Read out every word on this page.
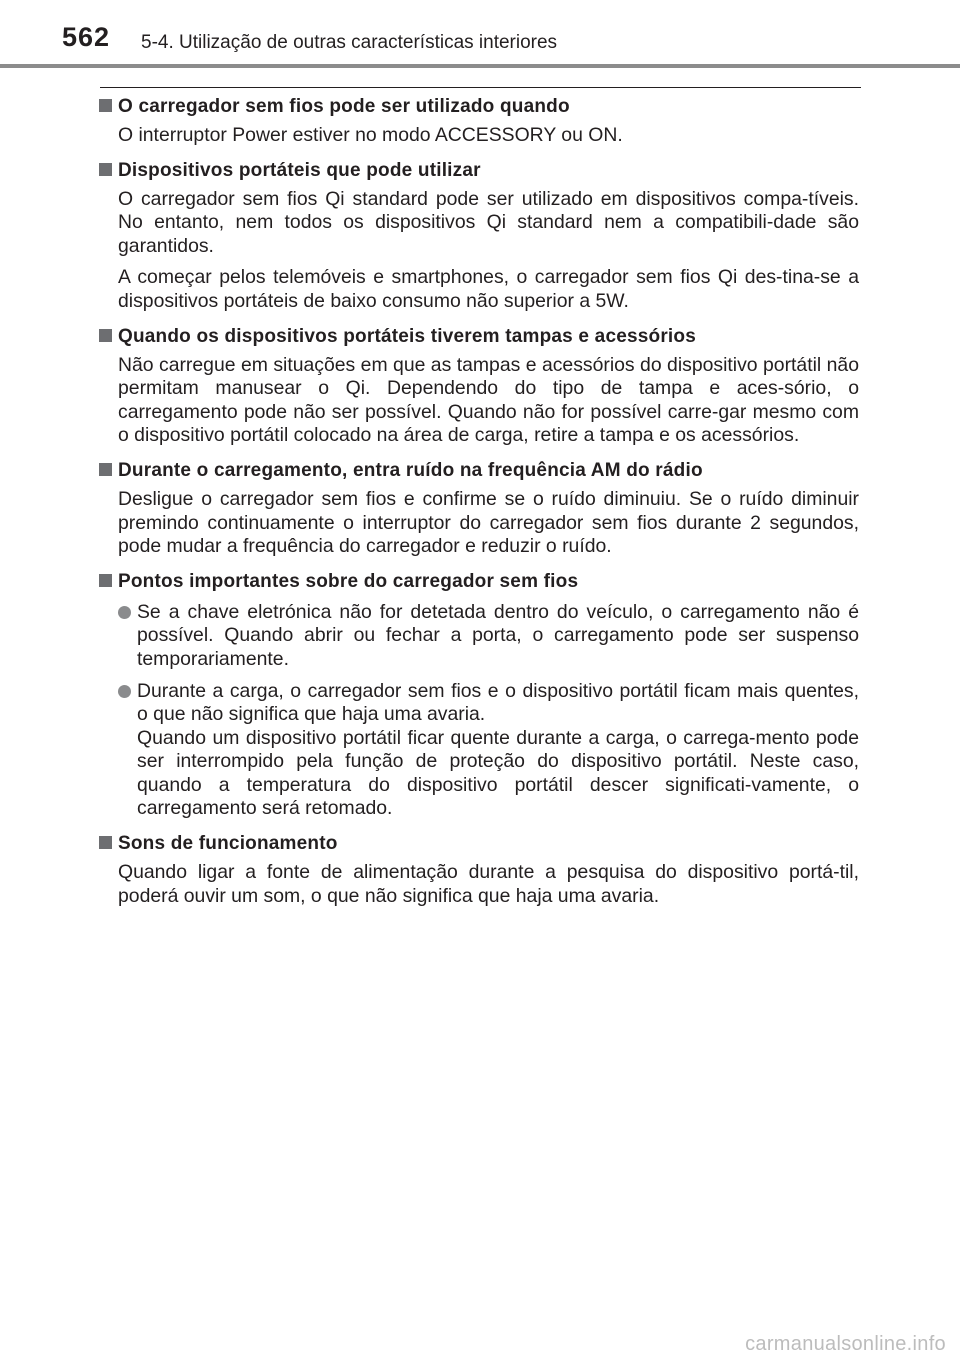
562 5-4. Utilização de outras características interiores
O carregador sem fios pode ser utilizado quando

O interruptor Power estiver no modo ACCESSORY ou ON.

Dispositivos portáteis que pode utilizar

O carregador sem fios Qi standard pode ser utilizado em dispositivos compa-tíveis. No entanto, nem todos os dispositivos Qi standard nem a compatibili-dade são garantidos.

A começar pelos telemóveis e smartphones, o carregador sem fios Qi des-tina-se a dispositivos portáteis de baixo consumo não superior a 5W.

Quando os dispositivos portáteis tiverem tampas e acessórios

Não carregue em situações em que as tampas e acessórios do dispositivo portátil não permitam manusear o Qi. Dependendo do tipo de tampa e aces-sório, o carregamento pode não ser possível. Quando não for possível carre-gar mesmo com o dispositivo portátil colocado na área de carga, retire a tampa e os acessórios.

Durante o carregamento, entra ruído na frequência AM do rádio

Desligue o carregador sem fios e confirme se o ruído diminuiu. Se o ruído diminuir premindo continuamente o interruptor do carregador sem fios durante 2 segundos, pode mudar a frequência do carregador e reduzir o ruído.

Pontos importantes sobre do carregador sem fios

Se a chave eletrónica não for detetada dentro do veículo, o carregamento não é possível. Quando abrir ou fechar a porta, o carregamento pode ser suspenso temporariamente.

Durante a carga, o carregador sem fios e o dispositivo portátil ficam mais quentes, o que não significa que haja uma avaria.

Quando um dispositivo portátil ficar quente durante a carga, o carrega-mento pode ser interrompido pela função de proteção do dispositivo portátil. Neste caso, quando a temperatura do dispositivo portátil descer significati-vamente, o carregamento será retomado.

Sons de funcionamento

Quando ligar a fonte de alimentação durante a pesquisa do dispositivo portá-til, poderá ouvir um som, o que não significa que haja uma avaria.

carmanualsonline.info
